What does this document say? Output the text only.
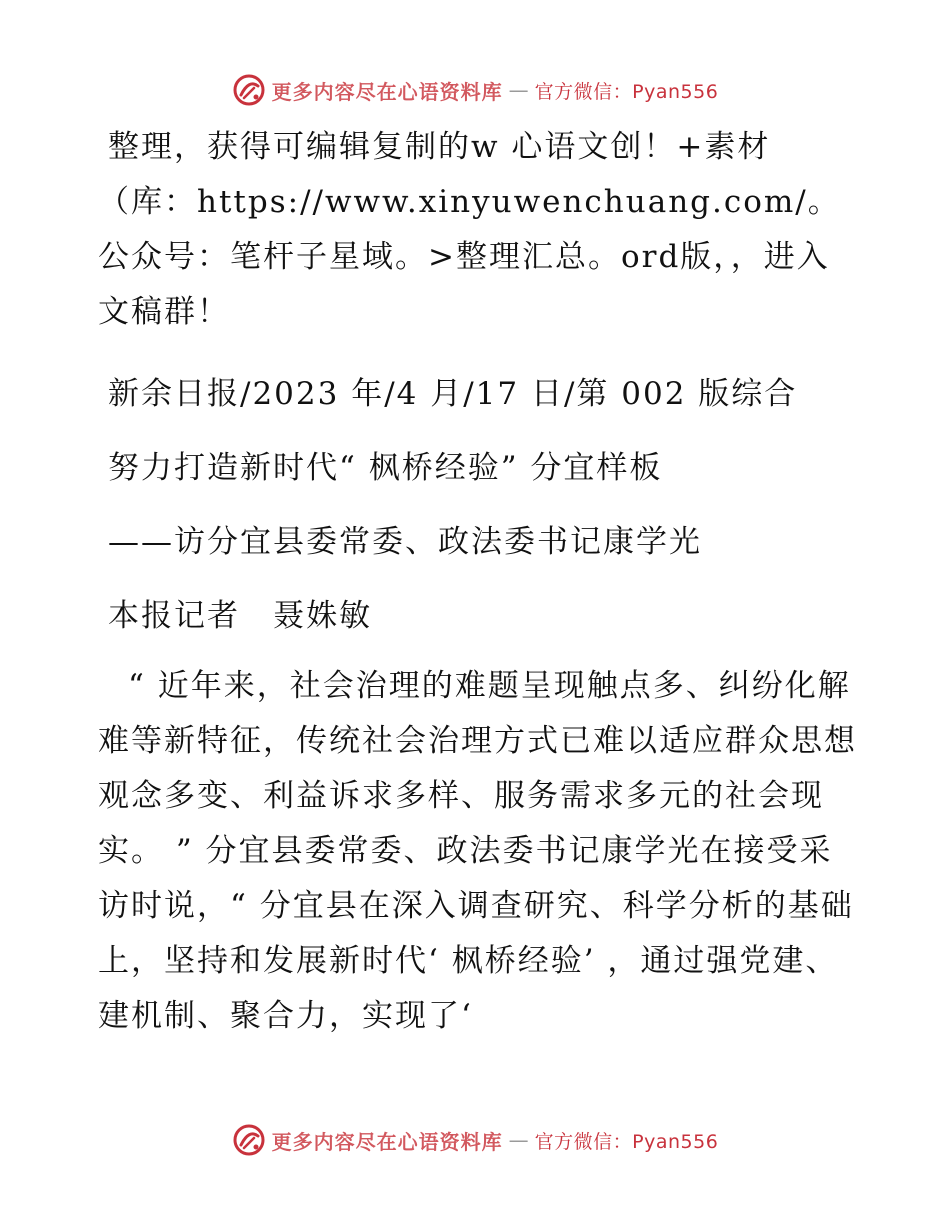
更多内容尽在心语资料库 — 官方微信：Pyan556

整理，获得可编辑复制的w 心语文创！+素材（库：https://www.xinyuwenchuang.com/。公众号：笔杆子星域。>整理汇总。ord版，，进入文稿群！

新余日报/2023 年/4 月/17 日/第 002 版综合

努力打造新时代“ 枫桥经验” 分宜样板

——访分宜县委常委、政法委书记康学光

本报记者　聂姝敏

“ 近年来，社会治理的难题呈现触点多、纠纷化解难等新特征，传统社会治理方式已难以适应群众思想观念多变、利益诉求多样、服务需求多元的社会现实。 ” 分宜县委常委、政法委书记康学光在接受采访时说，“ 分宜县在深入调查研究、科学分析的基础上，坚持和发展新时代‘ 枫桥经验’ ，通过强党建、建机制、聚合力，实现了‘

更多内容尽在心语资料库 — 官方微信：Pyan556
